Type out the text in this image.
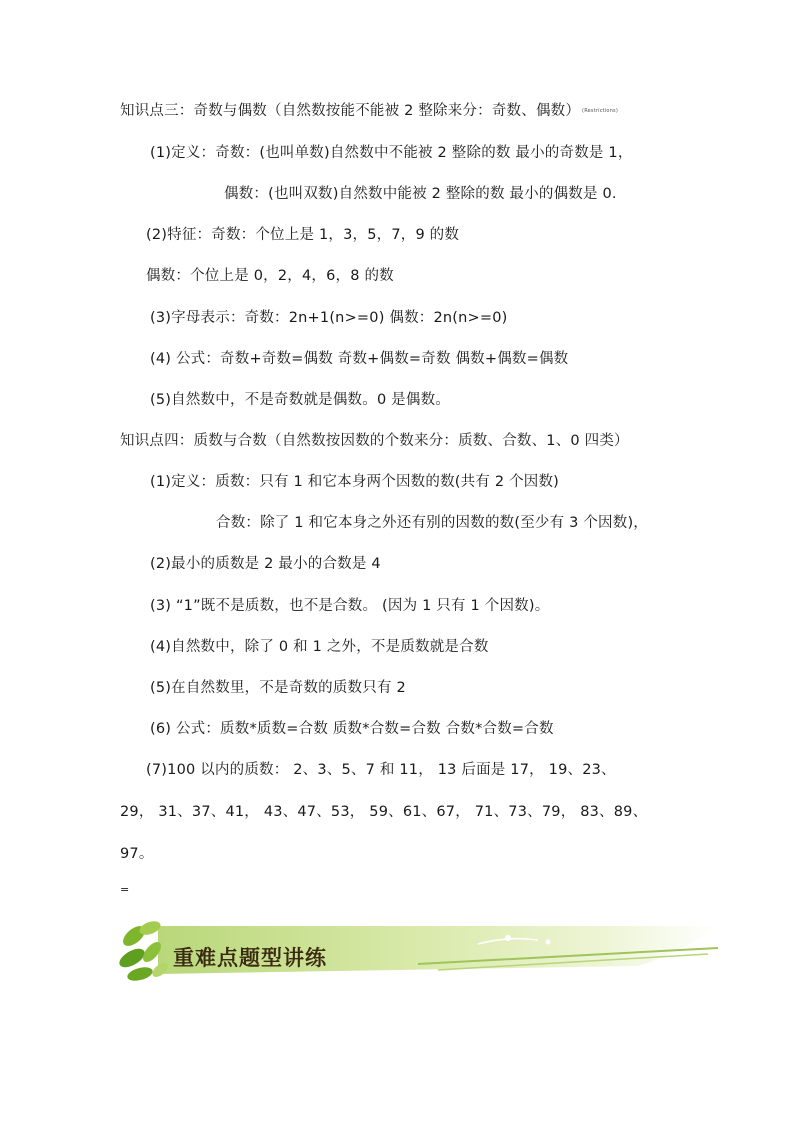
知识点三：奇数与偶数（自然数按能不能被 2 整除来分：奇数、偶数） (Restrictions)
(1)定义：奇数：(也叫单数)自然数中不能被 2 整除的数 最小的奇数是 1，
偶数：(也叫双数)自然数中能被 2 整除的数 最小的偶数是 0.
(2)特征：奇数：个位上是 1，3，5，7，9 的数
偶数：个位上是 0，2，4，6，8 的数
(3)字母表示：奇数：2n+1(n>=0) 偶数：2n(n>=0)
(4) 公式：奇数+奇数=偶数 奇数+偶数=奇数 偶数+偶数=偶数
(5)自然数中，不是奇数就是偶数。0 是偶数。
知识点四：质数与合数（自然数按因数的个数来分：质数、合数、1、0 四类）
(1)定义：质数：只有 1 和它本身两个因数的数(共有 2 个因数)
合数：除了 1 和它本身之外还有别的因数的数(至少有 3 个因数)，
(2)最小的质数是 2 最小的合数是 4
(3) “1”既不是质数，也不是合数。 (因为 1 只有 1 个因数)。
(4)自然数中，除了 0 和 1 之外，不是质数就是合数
(5)在自然数里，不是奇数的质数只有 2
(6) 公式：质数*质数=合数 质数*合数=合数 合数*合数=合数
(7)100 以内的质数： 2、3、5、7 和 11， 13 后面是 17， 19、23、
29， 31、37、41， 43、47、53， 59、61、67， 71、73、79， 83、89、
97。
=
重难点题型讲练
